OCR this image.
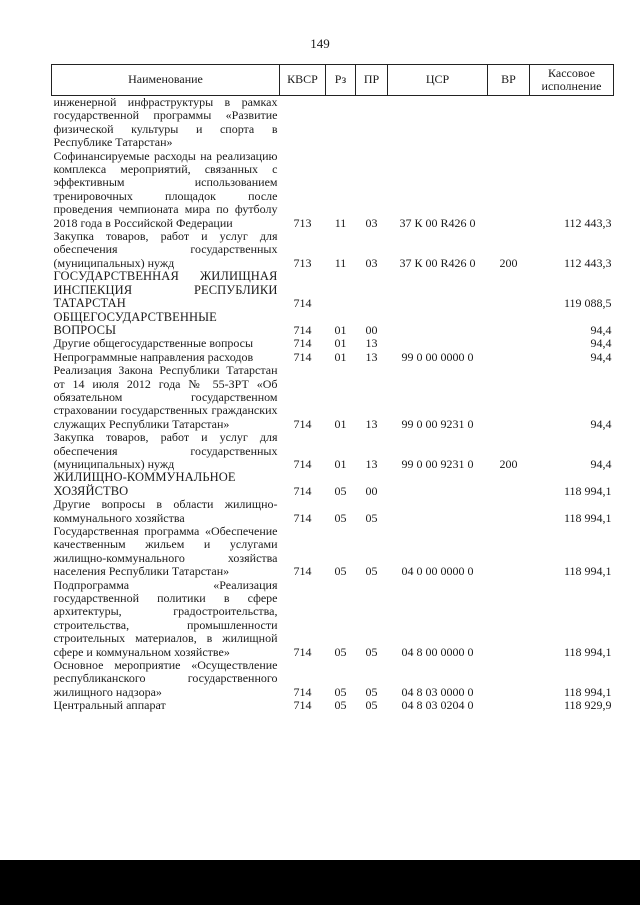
149
Наименование	КВСР	Рз	ПР	ЦСР	ВР	Кассовое исполнение
инженерной инфраструктуры в рамках государственной программы «Развитие физической культуры и спорта в Республике Татарстан»						
Софинансируемые расходы на реализацию комплекса мероприятий, связанных с эффективным использованием тренировочных площадок после проведения чемпионата мира по футболу 2018 года в Российской Федерации	713	11	03	37 К 00 R426 0		112 443,3
Закупка товаров, работ и услуг для обеспечения государственных (муниципальных) нужд	713	11	03	37 К 00 R426 0	200	112 443,3
ГОСУДАРСТВЕННАЯ ЖИЛИЩНАЯ ИНСПЕКЦИЯ РЕСПУБЛИКИ ТАТАРСТАН	714					119 088,5
ОБЩЕГОСУДАРСТВЕННЫЕ ВОПРОСЫ	714	01	00			94,4
Другие общегосударственные вопросы	714	01	13			94,4
Непрограммные направления расходов	714	01	13	99 0 00 0000 0		94,4
Реализация Закона Республики Татарстан от 14 июля 2012 года № 55-ЗРТ «Об обязательном государственном страховании государственных гражданских служащих Республики Татарстан»	714	01	13	99 0 00 9231 0		94,4
Закупка товаров, работ и услуг для обеспечения государственных (муниципальных) нужд	714	01	13	99 0 00 9231 0	200	94,4
ЖИЛИЩНО-КОММУНАЛЬНОЕ ХОЗЯЙСТВО	714	05	00			118 994,1
Другие вопросы в области жилищно-коммунального хозяйства	714	05	05			118 994,1
Государственная программа «Обеспечение качественным жильем и услугами жилищно-коммунального хозяйства населения Республики Татарстан»	714	05	05	04 0 00 0000 0		118 994,1
Подпрограмма «Реализация государственной политики в сфере архитектуры, градостроительства, строительства, промышленности строительных материалов, в жилищной сфере и коммунальном хозяйстве»	714	05	05	04 8 00 0000 0		118 994,1
Основное мероприятие «Осуществление республиканского государственного жилищного надзора»	714	05	05	04 8 03 0000 0		118 994,1
Центральный аппарат	714	05	05	04 8 03 0204 0		118 929,9
